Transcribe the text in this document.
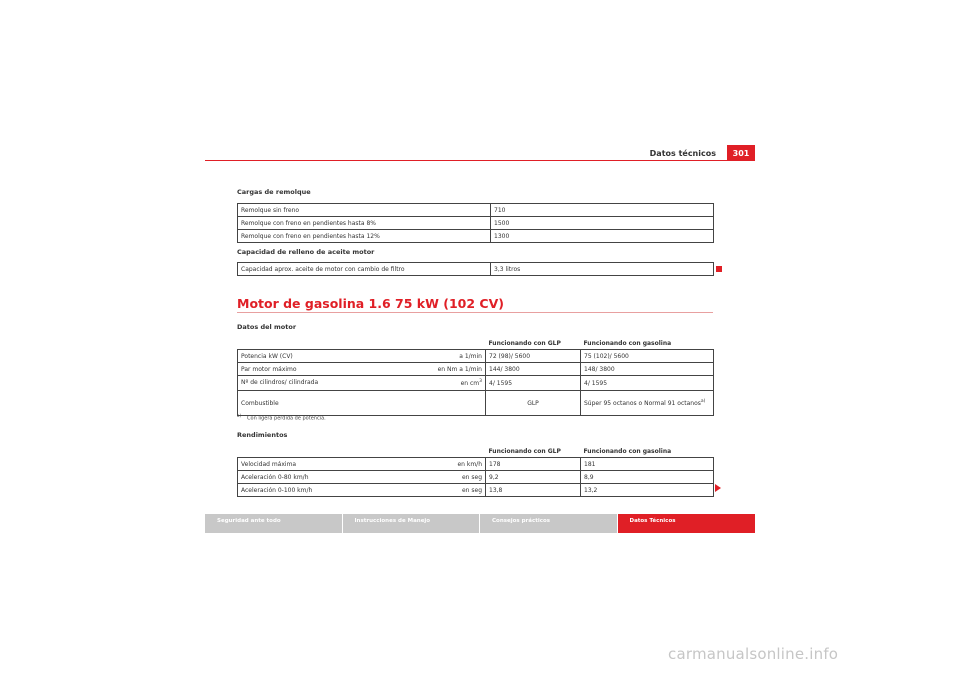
Datos técnicos	301
Cargas de remolque
Remolque sin freno	710
Remolque con freno en pendientes hasta 8%	1500
Remolque con freno en pendientes hasta 12%	1300
Capacidad de relleno de aceite motor
Capacidad aprox. aceite de motor con cambio de filtro	3,3 litros
Motor de gasolina 1.6 75 kW (102 CV)
Datos del motor
	Funcionando con GLP	Funcionando con gasolina
Potencia kW (CV) a 1/min	72 (98)/ 5600	75 (102)/ 5600
Par motor máximo en Nm a 1/min	144/ 3800	148/ 3800
Nº de cilindros/ cilindrada en $cm^3$	4/ 1595	4/ 1595
Combustible	GLP	Súper 95 octanos o Normal 91 octanos$^{a)}$
$^{a)}$Con ligera pérdida de potencia.
Rendimientos
	Funcionando con GLP	Funcionando con gasolina
Velocidad máxima en km/h	178	181
Aceleración 0-80 km/h en seg	9,2	8,9
Aceleración 0-100 km/h en seg	13,8	13,2
Seguridad ante todo	Instrucciones de Manejo	Consejos prácticos	Datos Técnicos
carmanualsonline.info
